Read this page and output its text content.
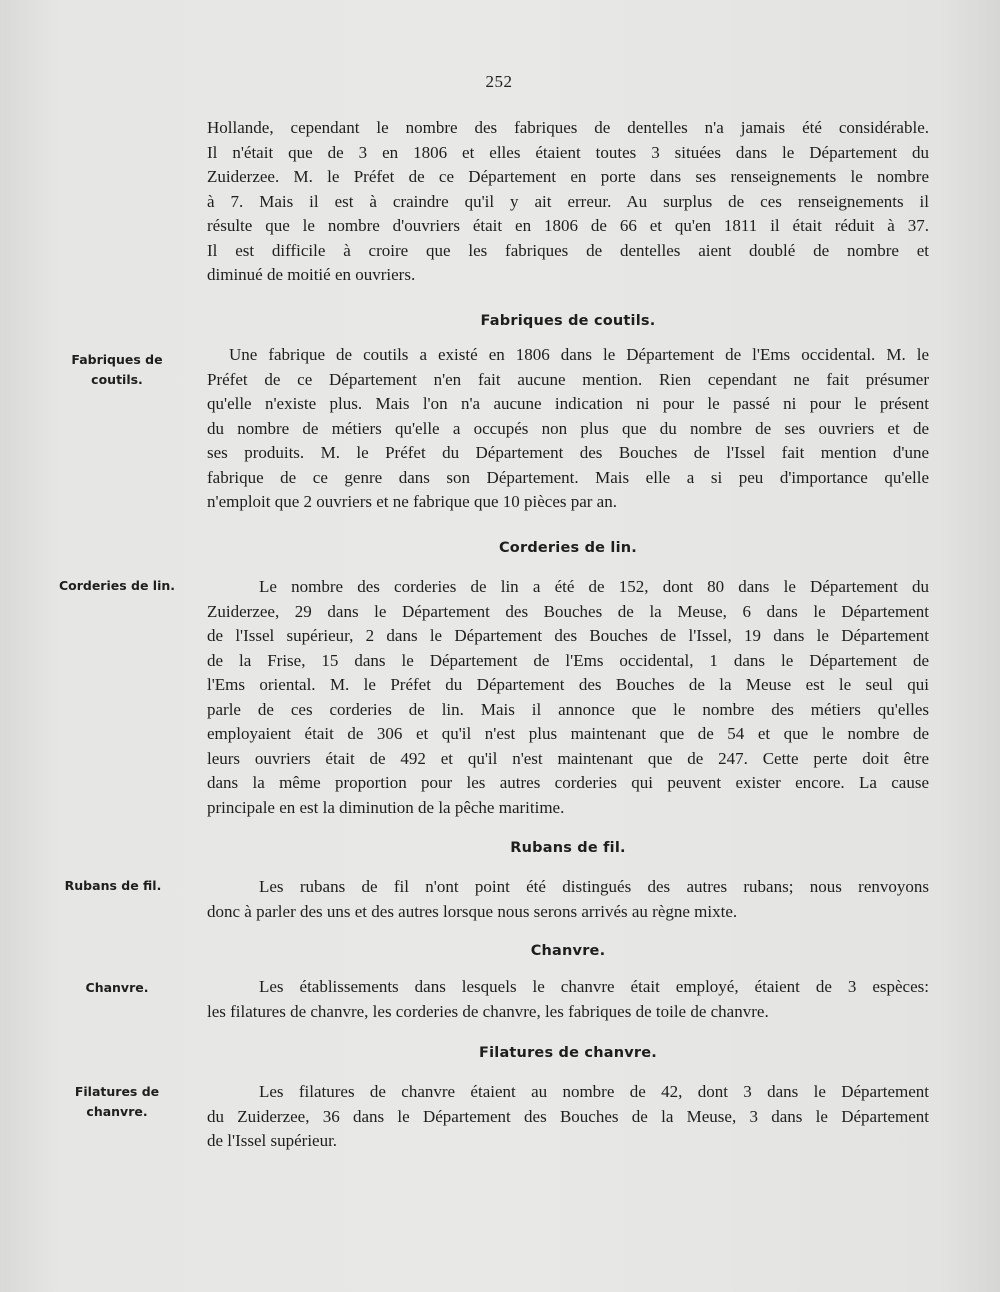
252
Hollande, cependant le nombre des fabriques de dentelles n'a jamais été considérable.
Il n'était que de 3 en 1806 et elles étaient toutes 3 situées dans le Département du
Zuiderzee. M. le Préfet de ce Département en porte dans ses renseignements le nombre
à 7. Mais il est à craindre qu'il y ait erreur. Au surplus de ces renseignements il
résulte que le nombre d'ouvriers était en 1806 de 66 et qu'en 1811 il était réduit à 37.
Il est difficile à croire que les fabriques de dentelles aient doublé de nombre et
diminué de moitié en ouvriers.
Fabriques de coutils.
Fabriques de
coutils.
Une fabrique de coutils a existé en 1806 dans le Département de l'Ems occidental. M. le
Préfet de ce Département n'en fait aucune mention. Rien cependant ne fait présumer
qu'elle n'existe plus. Mais l'on n'a aucune indication ni pour le passé ni pour le présent
du nombre de métiers qu'elle a occupés non plus que du nombre de ses ouvriers et de
ses produits. M. le Préfet du Département des Bouches de l'Issel fait mention d'une
fabrique de ce genre dans son Département. Mais elle a si peu d'importance qu'elle
n'emploit que 2 ouvriers et ne fabrique que 10 pièces par an.
Corderies de lin.
Corderies de lin.	Le nombre des corderies de lin a été de 152, dont 80 dans le Département du
Zuiderzee, 29 dans le Département des Bouches de la Meuse, 6 dans le Département
de l'Issel supérieur, 2 dans le Département des Bouches de l'Issel, 19 dans le Département
de la Frise, 15 dans le Département de l'Ems occidental, 1 dans le Département de
l'Ems oriental. M. le Préfet du Département des Bouches de la Meuse est le seul qui
parle de ces corderies de lin. Mais il annonce que le nombre des métiers qu'elles
employaient était de 306 et qu'il n'est plus maintenant que de 54 et que le nombre de
leurs ouvriers était de 492 et qu'il n'est maintenant que de 247. Cette perte doit être
dans la même proportion pour les autres corderies qui peuvent exister encore. La cause
principale en est la diminution de la pêche maritime.
Rubans de fil.
Rubans de fil.	Les rubans de fil n'ont point été distingués des autres rubans; nous renvoyons
donc à parler des uns et des autres lorsque nous serons arrivés au règne mixte.
Chanvre.
Chanvre.	Les établissements dans lesquels le chanvre était employé, étaient de 3 espèces:
les filatures de chanvre, les corderies de chanvre, les fabriques de toile de chanvre.
Filatures de chanvre.
Filatures de
chanvre.
Les filatures de chanvre étaient au nombre de 42, dont 3 dans le Département
du Zuiderzee, 36 dans le Département des Bouches de la Meuse, 3 dans le Département
de l'Issel supérieur.
